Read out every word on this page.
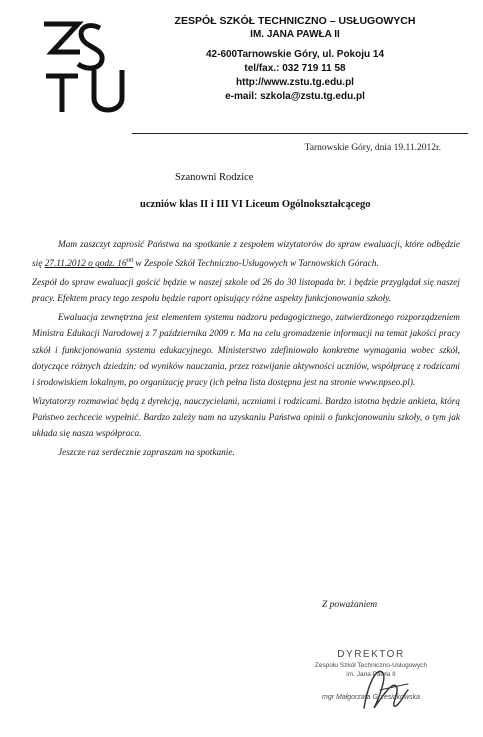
ZESPÓŁ SZKÓŁ TECHNICZNO – USŁUGOWYCH
IM. JANA PAWŁA II
42-600Tarnowskie Góry, ul. Pokoju 14
tel/fax.: 032 719 11 58
http://www.zstu.tg.edu.pl
e-mail: szkola@zstu.tg.edu.pl
Tarnowskie Góry, dnia 19.11.2012r.
Szanowni Rodzice
uczniów klas II i III VI Liceum Ogólnokształcącego

Mam zaszczyt zaprosić Państwa na spotkanie z zespołem wizytatorów do spraw ewaluacji, które odbędzie się 27.11.2012 o godz. $16^{00}$ w Zespole Szkół Techniczno-Usługowych w Tarnowskich Górach.

Zespół do spraw ewaluacji gościć będzie w naszej szkole od 26 do 30 listopada br. i będzie przyglądał się naszej pracy. Efektem pracy tego zespołu będzie raport opisujący różne aspekty funkcjonowania szkoły.

Ewaluacja zewnętrzna jest elementem systemu nadzoru pedagogicznego, zatwierdzonego rozporządzeniem Ministra Edukacji Narodowej z 7 października 2009 r. Ma na celu gromadzenie informacji na temat jakości pracy szkół i funkcjonowania systemu edukacyjnego. Ministerstwo zdefiniowało konkretne wymagania wobec szkół, dotyczące różnych dziedzin: od wyników nauczania, przez rozwijanie aktywności uczniów, współpracę z rodzicami i środowiskiem lokalnym, po organizację pracy (ich pełna lista dostępna jest na stronie www.npseo.pl).

Wizytatorzy rozmawiać będą z dyrekcją, nauczycielami, uczniami i rodzicami. Bardzo istotna będzie ankieta, którą Państwo zechcecie wypełnić. Bardzo zależy nam na uzyskaniu Państwa opinii o funkcjonowaniu szkoły, o tym jak układa się nasza współpraca.

Jeszcze raz serdecznie zapraszam na spotkanie.

Z poważaniem
DYREKTOR
Zespołu Szkół Techniczno-Usługowych
im. Jana Pawła II
mgr Małgorzata Grzesiakowska
